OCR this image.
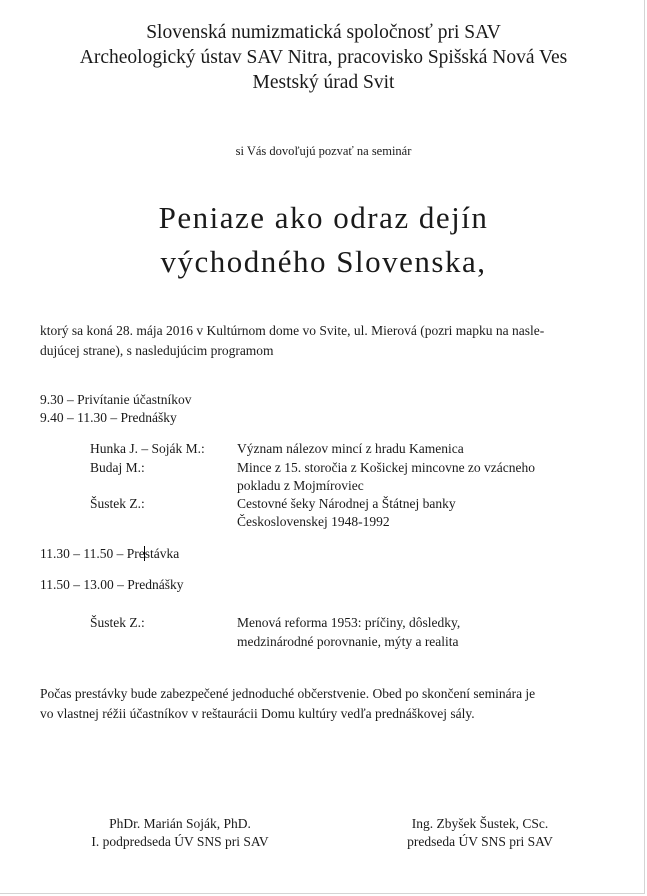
Slovenská numizmatická spoločnosť pri SAV
Archeologický ústav SAV Nitra, pracovisko Spišská Nová Ves
Mestský úrad Svit
si Vás dovoľujú pozvať na seminár
Peniaze ako odraz dejín
východného Slovenska,
ktorý sa koná 28. mája 2016 v Kultúrnom dome vo Svite, ul. Mierová (pozri mapku na nasle-
dujúcej strane), s nasledujúcim programom
9.30 – Privítanie účastníkov
9.40 – 11.30 – Prednášky
Hunka J. – Soják M.: Význam nálezov mincí z hradu Kamenica
Budaj M.:	Mince z 15. storočia z Košickej mincovne zo vzácneho
pokladu z Mojmíroviec
Šustek Z.:	Cestovné šeky Národnej a Štátnej banky
Československej 1948-1992
11.30 – 11.50 – Prestávka
11.50 – 13.00 – Prednášky
Šustek Z.:	Menová reforma 1953: príčiny, dôsledky,
medzinárodné porovnanie, mýty a realita
Počas prestávky bude zabezpečené jednoduché občerstvenie. Obed po skončení seminára je
vo vlastnej réžii účastníkov v reštaurácii Domu kultúry vedľa prednáškovej sály.
PhDr. Marián Soják, PhD.
I. podpredseda ÚV SNS pri SAV
Ing. Zbyšek Šustek, CSc.
predseda ÚV SNS pri SAV
